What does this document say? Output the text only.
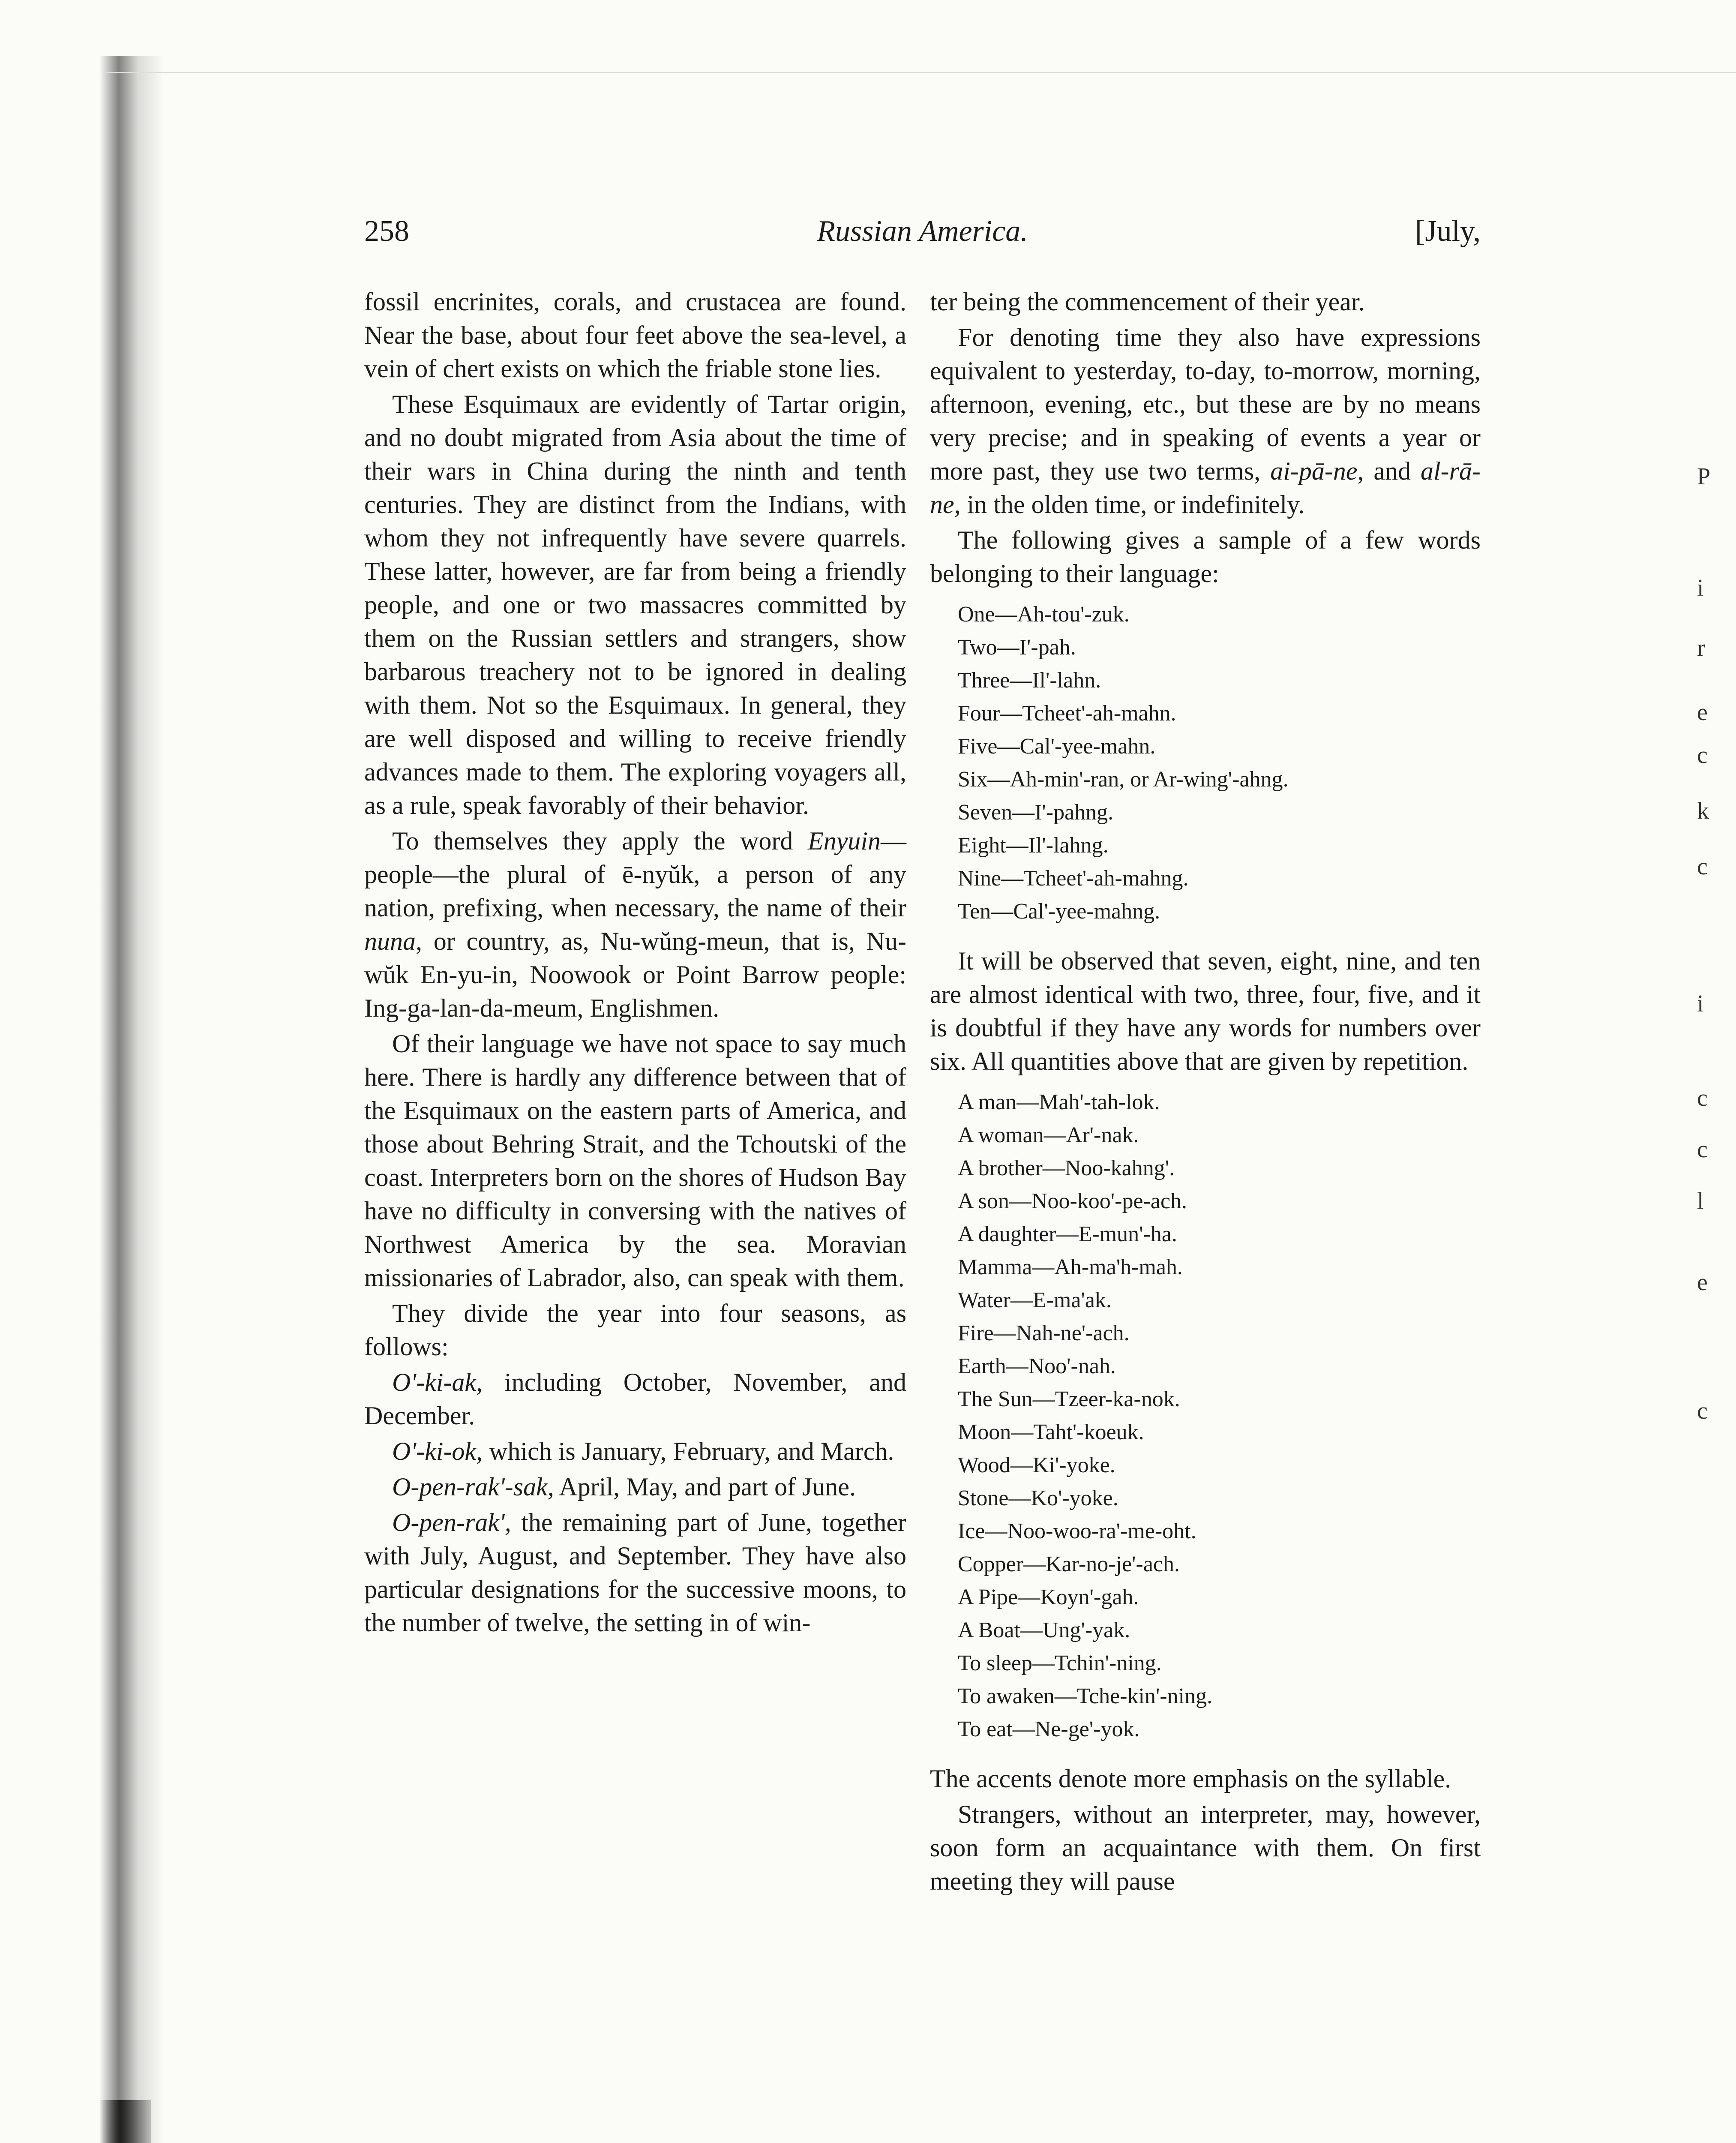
258	Russian America.	[July,

fossil encrinites, corals, and crustacea are found. Near the base, about four feet above the sea-level, a vein of chert exists on which the friable stone lies.

These Esquimaux are evidently of Tartar origin, and no doubt migrated from Asia about the time of their wars in China during the ninth and tenth centuries. They are distinct from the Indians, with whom they not infrequently have severe quarrels. These latter, however, are far from being a friendly people, and one or two massacres committed by them on the Russian settlers and strangers, show barbarous treachery not to be ignored in dealing with them. Not so the Esquimaux. In general, they are well disposed and willing to receive friendly advances made to them. The exploring voyagers all, as a rule, speak favorably of their behavior.

To themselves they apply the word Enyuin—people—the plural of ē-nyŭk, a person of any nation, prefixing, when necessary, the name of their nuna, or country, as, Nu-wŭng-meun, that is, Nu-wŭk En-yu-in, Noowook or Point Barrow people: Ing-ga-lan-da-meum, Englishmen.

Of their language we have not space to say much here. There is hardly any difference between that of the Esquimaux on the eastern parts of America, and those about Behring Strait, and the Tchoutski of the coast. Interpreters born on the shores of Hudson Bay have no difficulty in conversing with the natives of Northwest America by the sea. Moravian missionaries of Labrador, also, can speak with them.

They divide the year into four seasons, as follows:

O'-ki-ak, including October, November, and December.

O'-ki-ok, which is January, February, and March.

O-pen-rak'-sak, April, May, and part of June.

O-pen-rak', the remaining part of June, together with July, August, and September. They have also particular designations for the successive moons, to the number of twelve, the setting in of win-

ter being the commencement of their year.

For denoting time they also have expressions equivalent to yesterday, to-day, to-morrow, morning, afternoon, evening, etc., but these are by no means very precise; and in speaking of events a year or more past, they use two terms, ai-pā-ne, and al-rā-ne, in the olden time, or indefinitely.

The following gives a sample of a few words belonging to their language:

One—Ah-tou'-zuk.
Two—I'-pah.
Three—Il'-lahn.
Four—Tcheet'-ah-mahn.
Five—Cal'-yee-mahn.
Six—Ah-min'-ran, or Ar-wing'-ahng.
Seven—I'-pahng.
Eight—Il'-lahng.
Nine—Tcheet'-ah-mahng.
Ten—Cal'-yee-mahng.

It will be observed that seven, eight, nine, and ten are almost identical with two, three, four, five, and it is doubtful if they have any words for numbers over six. All quantities above that are given by repetition.

A man—Mah'-tah-lok.
A woman—Ar'-nak.
A brother—Noo-kahng'.
A son—Noo-koo'-pe-ach.
A daughter—E-mun'-ha.
Mamma—Ah-ma'h-mah.
Water—E-ma'ak.
Fire—Nah-ne'-ach.
Earth—Noo'-nah.
The Sun—Tzeer-ka-nok.
Moon—Taht'-koeuk.
Wood—Ki'-yoke.
Stone—Ko'-yoke.
Ice—Noo-woo-ra'-me-oht.
Copper—Kar-no-je'-ach.
A Pipe—Koyn'-gah.
A Boat—Ung'-yak.
To sleep—Tchin'-ning.
To awaken—Tche-kin'-ning.
To eat—Ne-ge'-yok.

The accents denote more emphasis on the syllable.

Strangers, without an interpreter, may, however, soon form an acquaintance with them. On first meeting they will pause

P
i
r
e
c
k
c
i
c
c
l
e
c
